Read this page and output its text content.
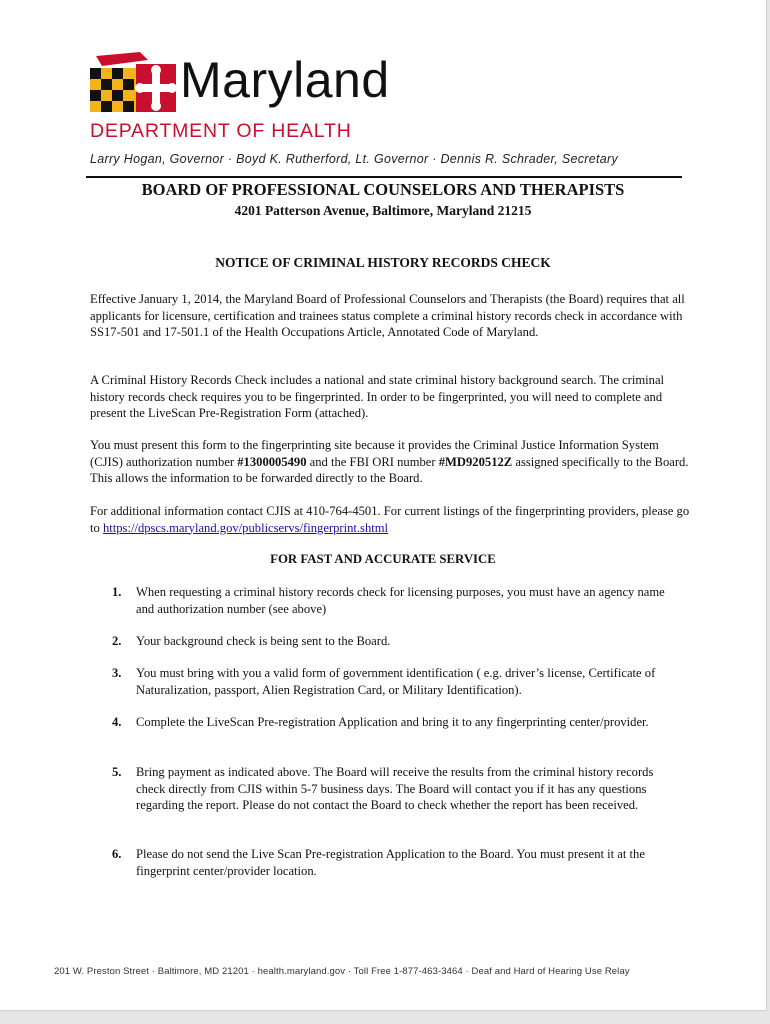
Maryland
DEPARTMENT OF HEALTH
Larry Hogan, Governor · Boyd K. Rutherford, Lt. Governor · Dennis R. Schrader, Secretary
BOARD OF PROFESSIONAL COUNSELORS AND THERAPISTS
4201 Patterson Avenue, Baltimore, Maryland 21215
NOTICE OF CRIMINAL HISTORY RECORDS CHECK
Effective January 1, 2014, the Maryland Board of Professional Counselors and Therapists (the Board) requires that all applicants for licensure, certification and trainees status complete a criminal history records check in accordance with SS17-501 and 17-501.1 of the Health Occupations Article, Annotated Code of Maryland.
A Criminal History Records Check includes a national and state criminal history background search. The criminal history records check requires you to be fingerprinted. In order to be fingerprinted, you will need to complete and present the LiveScan Pre-Registration Form (attached).
You must present this form to the fingerprinting site because it provides the Criminal Justice Information System (CJIS) authorization number #1300005490 and the FBI ORI number #MD920512Z assigned specifically to the Board. This allows the information to be forwarded directly to the Board.
For additional information contact CJIS at 410-764-4501. For current listings of the fingerprinting providers, please go to https://dpscs.maryland.gov/publicservs/fingerprint.shtml
FOR FAST AND ACCURATE SERVICE
1.	When requesting a criminal history records check for licensing purposes, you must have an agency name and authorization number (see above)
2.	Your background check is being sent to the Board.
3.	You must bring with you a valid form of government identification ( e.g. driver’s license, Certificate of Naturalization, passport, Alien Registration Card, or Military Identification).
4.	Complete the LiveScan Pre-registration Application and bring it to any fingerprinting center/provider.
5.	Bring payment as indicated above. The Board will receive the results from the criminal history records check directly from CJIS within 5-7 business days. The Board will contact you if it has any questions regarding the report. Please do not contact the Board to check whether the report has been received.
6.	Please do not send the Live Scan Pre-registration Application to the Board. You must present it at the fingerprint center/provider location.
201 W. Preston Street · Baltimore, MD 21201 · health.maryland.gov · Toll Free 1-877-463-3464 · Deaf and Hard of Hearing Use Relay
